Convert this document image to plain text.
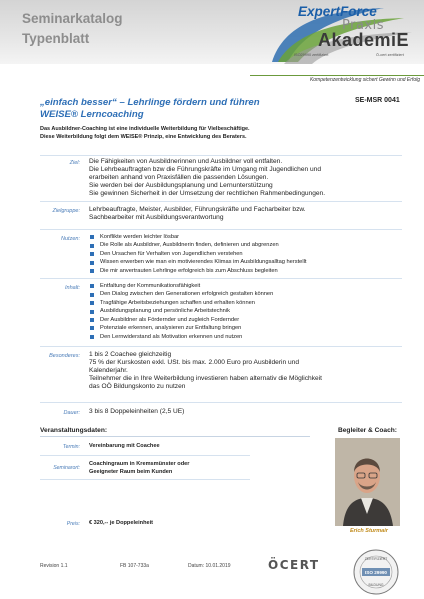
Seminarkatalog
Typenblatt
ExpertForce
Praxis
AkademiE
ISO29990 zertifiziert	Ö-cert zertifiziert
Kompetenzentwicklung sichert Gewinn und Erfolg
„einfach besser“ – Lehrlinge fördern und führen
WEISE® Lerncoaching
SE-MSR 0041
Das Ausbildner-Coaching ist eine individuelle Weiterbildung für Vielbeschäftige.
Diese Weiterbildung folgt dem WEISE® Prinzip, eine Entwicklung des Beraters.
Ziel: Die Fähigkeiten von Ausbildnerinnen und Ausbildner voll entfalten.
Die Lehrbeauftragten bzw die Führungskräfte im Umgang mit Jugendlichen und
erarbeiten anhand von Praxisfällen die passenden Lösungen.
Sie werden bei der Ausbildungsplanung und Lernunterstützung
Sie gewinnen Sicherheit in der Umsetzung der rechtlichen Rahmenbedingungen.
Zielgruppe: Lehrbeauftragte, Meister, Ausbilder, Führungskräfte und Facharbeiter bzw.
Sachbearbeiter mit Ausbildungsverantwortung
Nutzen:	Konflikte werden leichter lösbar
Die Rolle als Ausbildner, Ausbildnerin finden, definieren und abgrenzen
Den Ursachen für Verhalten von Jugendlichen verstehen
Wissen erwerben wie man ein motivierendes Klimas im Ausbildungsalltag herstellt
Die mir anvertrauten Lehrlinge erfolgreich bis zum Abschluss begleiten
Inhalt:	Entfaltung der Kommunikationsfähigkeit
Den Dialog zwischen den Generationen erfolgreich gestalten können
Tragfähige Arbeitsbeziehungen schaffen und erhalten können
Ausbildungsplanung und persönliche Arbeitstechnik
Der Ausbildner als Fördernder und zugleich Fordernder
Potenziale erkennen, analysieren zur Entfaltung bringen
Den Lernwiderstand als Motivation erkennen und nutzen
Besonderes: 1 bis 2 Coachee gleichzeitig
75 % der Kurskosten exkl. USt. bis max. 2.000 Euro pro Ausbilderin und
Kalenderjahr.
Teilnehmer die in Ihre Weiterbildung investieren haben alternativ die Möglichkeit
das OÖ Bildungskonto zu nutzen
Dauer: 3 bis 8 Doppeleinheiten (2,5 UE)
Veranstaltungsdaten:	Begleiter & Coach:
Termin: Vereinbarung mit Coachee
Seminarort:
Coachingraum in Kremsmünster oder
Geeigneter Raum beim Kunden
Preis: € 320,-- je Doppeleinheit
Erich Sturmair
Revision 1.1	FB 107-733a	Datum: 10.01.2019	ÖCERT
ISO 29990
ZERTIFIZIERT
BILDUNG
